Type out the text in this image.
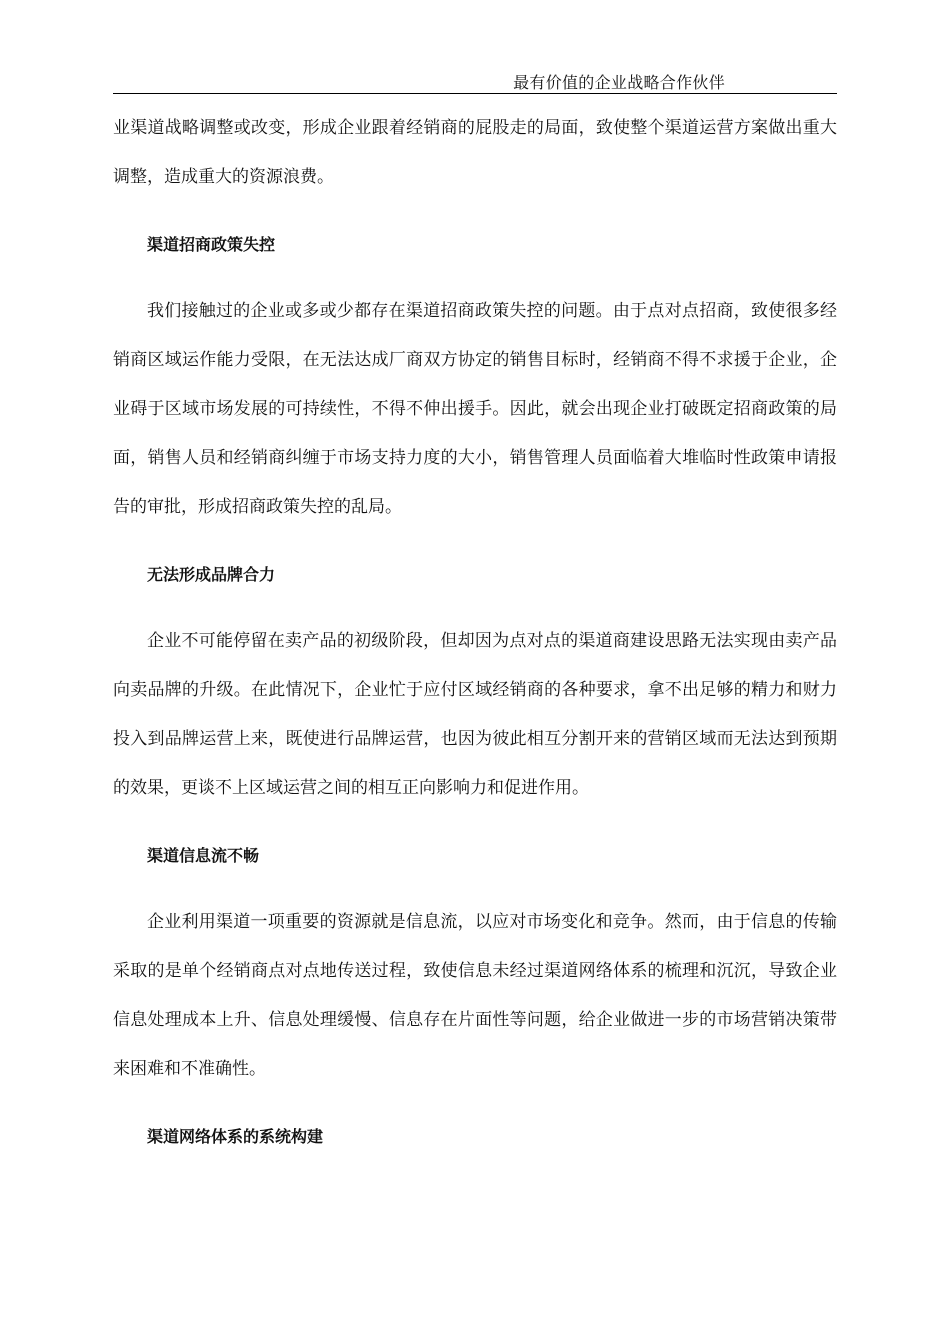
最有价值的企业战略合作伙伴

业渠道战略调整或改变，形成企业跟着经销商的屁股走的局面，致使整个渠道运营方案做出重大调整，造成重大的资源浪费。

渠道招商政策失控

我们接触过的企业或多或少都存在渠道招商政策失控的问题。由于点对点招商，致使很多经销商区域运作能力受限，在无法达成厂商双方协定的销售目标时，经销商不得不求援于企业，企业碍于区域市场发展的可持续性，不得不伸出援手。因此，就会出现企业打破既定招商政策的局面，销售人员和经销商纠缠于市场支持力度的大小，销售管理人员面临着大堆临时性政策申请报告的审批，形成招商政策失控的乱局。

无法形成品牌合力

企业不可能停留在卖产品的初级阶段，但却因为点对点的渠道商建设思路无法实现由卖产品向卖品牌的升级。在此情况下，企业忙于应付区域经销商的各种要求，拿不出足够的精力和财力投入到品牌运营上来，既使进行品牌运营，也因为彼此相互分割开来的营销区域而无法达到预期的效果，更谈不上区域运营之间的相互正向影响力和促进作用。

渠道信息流不畅

企业利用渠道一项重要的资源就是信息流，以应对市场变化和竞争。然而，由于信息的传输采取的是单个经销商点对点地传送过程，致使信息未经过渠道网络体系的梳理和沉沉，导致企业信息处理成本上升、信息处理缓慢、信息存在片面性等问题，给企业做进一步的市场营销决策带来困难和不准确性。

渠道网络体系的系统构建
